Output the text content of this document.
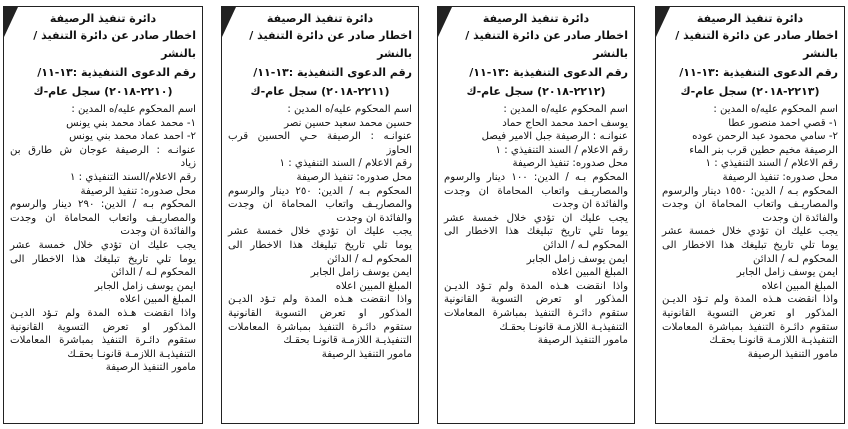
دائرة تنفيذ الرصيفة
اخطار صادر عن دائرة التنفيذ / بالنشر
رقم الدعوى التنفيذية :١٣-١١/
(٢٢١٣-٢٠١٨) سجل عام-ك
اسم المحكوم عليه/ه المدين :
١- قصي احمد منصور عطا
٢- سامي محمود عبد الرحمن عوده
الرصيفة مخيم حطين قرب بنر الماء
رقم الاعلام / السند التنفيذي : ١
محل صدوره: تنفيذ الرصيفة
المحكوم بـه / الدين: ١٥٥٠ دينار والرسوم
والمصاريـف واتعاب المحاماة ان وجدت
والفائدة ان وجدت
يجب عليك ان تؤدي خلال خمسة عشر
يوما تلي تاريخ تبليغك هذا الاخطار الى
المحكوم لـه / الدائن
ايمن يوسف زامل الجابر
المبلغ المبين اعلاه
واذا انقضت هـذه المدة ولم تـؤد الديـن
المذكور او تعرض التسوية القانونية
ستقوم دائـرة التنفيذ بمباشرة المعاملات
التنفيذيـة اللازمـة قانونـا بحقـك
مامور التنفيذ الرصيفة
دائرة تنفيذ الرصيفة
اخطار صادر عن دائرة التنفيذ / بالنشر
رقم الدعوى التنفيذية :١٣-١١/
(٢٢١٢-٢٠١٨) سجل عام-ك
اسم المحكوم عليه/ه المدين :
يوسف احمد محمد الحاج حماد
عنوانـه : الرصيفة جبل الامير فيصل
رقم الاعلام / السند التنفيذي : ١
محل صدوره: تنفيذ الرصيفة
المحكوم بـه / الدين: ١٠٠ دينار والرسوم
والمصاريـف واتعاب المحاماة ان وجدت
والفائدة ان وجدت
يجب عليك ان تؤدي خلال خمسة عشر
يوما تلي تاريخ تبليغك هذا الاخطار الى
المحكوم لـه / الدائن
ايمن يوسف زامل الجابر
المبلغ المبين اعلاه
واذا انقضت هـذه المدة ولم تـؤد الديـن
المذكور او تعرض التسوية القانونية
ستقوم دائـرة التنفيذ بمباشرة المعاملات
التنفيذيـة اللازمـة قانونـا بحقـك
مامور التنفيذ الرصيفة
دائرة تنفيذ الرصيفة
اخطار صادر عن دائرة التنفيذ / بالنشر
رقم الدعوى التنفيذية :١٣-١١/
(٢٢١١-٢٠١٨) سجل عام-ك
اسم المحكوم عليه/ه المدين :
حسين محمد سعيد حسين نصر
عنوانـه : الرصيفة حـي الحسين قرب
الحاوز
رقم الاعلام / السند التنفيذي : ١
محل صدوره: تنفيذ الرصيفة
المحكوم بـه / الدين: ٢٥٠ دينار والرسوم
والمصاريـف واتعاب المحاماة ان وجدت
والفائدة ان وجدت
يجب عليك ان تؤدي خلال خمسة عشر
يوما تلي تاريخ تبليغك هذا الاخطار الى
المحكوم لـه / الدائن
ايمن يوسف زامل الجابر
المبلغ المبين اعلاه
واذا انقضت هـذه المدة ولم تـؤد الديـن
المذكور او تعرض التسوية القانونية
ستقوم دائـرة التنفيذ بمباشرة المعاملات
التنفيذيـة اللازمـة قانونـا بحقـك
مامور التنفيذ الرصيفة
دائرة تنفيذ الرصيفة
اخطار صادر عن دائرة التنفيذ / بالنشر
رقم الدعوى التنفيذية :١٣-١١/
(٢٢١٠-٢٠١٨) سجل عام-ك
اسم المحكوم عليه/ه المدين :
١- محمد عماد محمد بني يونس
٢- احمد عماد محمد بني يونس
عنوانـه : الرصيفة عوجان ش طارق بن
زياد
رقم الاعلام/السند التنفيذي : ١
محل صدوره: تنفيذ الرصيفة
المحكوم بـه / الدين: ٢٩٠ دينار والرسوم
والمصاريـف واتعاب المحاماة ان وجدت
والفائدة ان وجدت
يجب عليك ان تؤدي خلال خمسة عشر
يوما تلي تاريخ تبليغك هذا الاخطار الى
المحكوم لـه / الدائن
ايمن يوسف زامل الجابر
المبلغ المبين اعلاه
واذا انقضت هـذه المدة ولم تـؤد الديـن
المذكور او تعرض التسوية القانونية
ستقوم دائـرة التنفيذ بمباشرة المعاملات
التنفيذيـة اللازمـة قانونـا بحقـك
مامور التنفيذ الرصيفة
